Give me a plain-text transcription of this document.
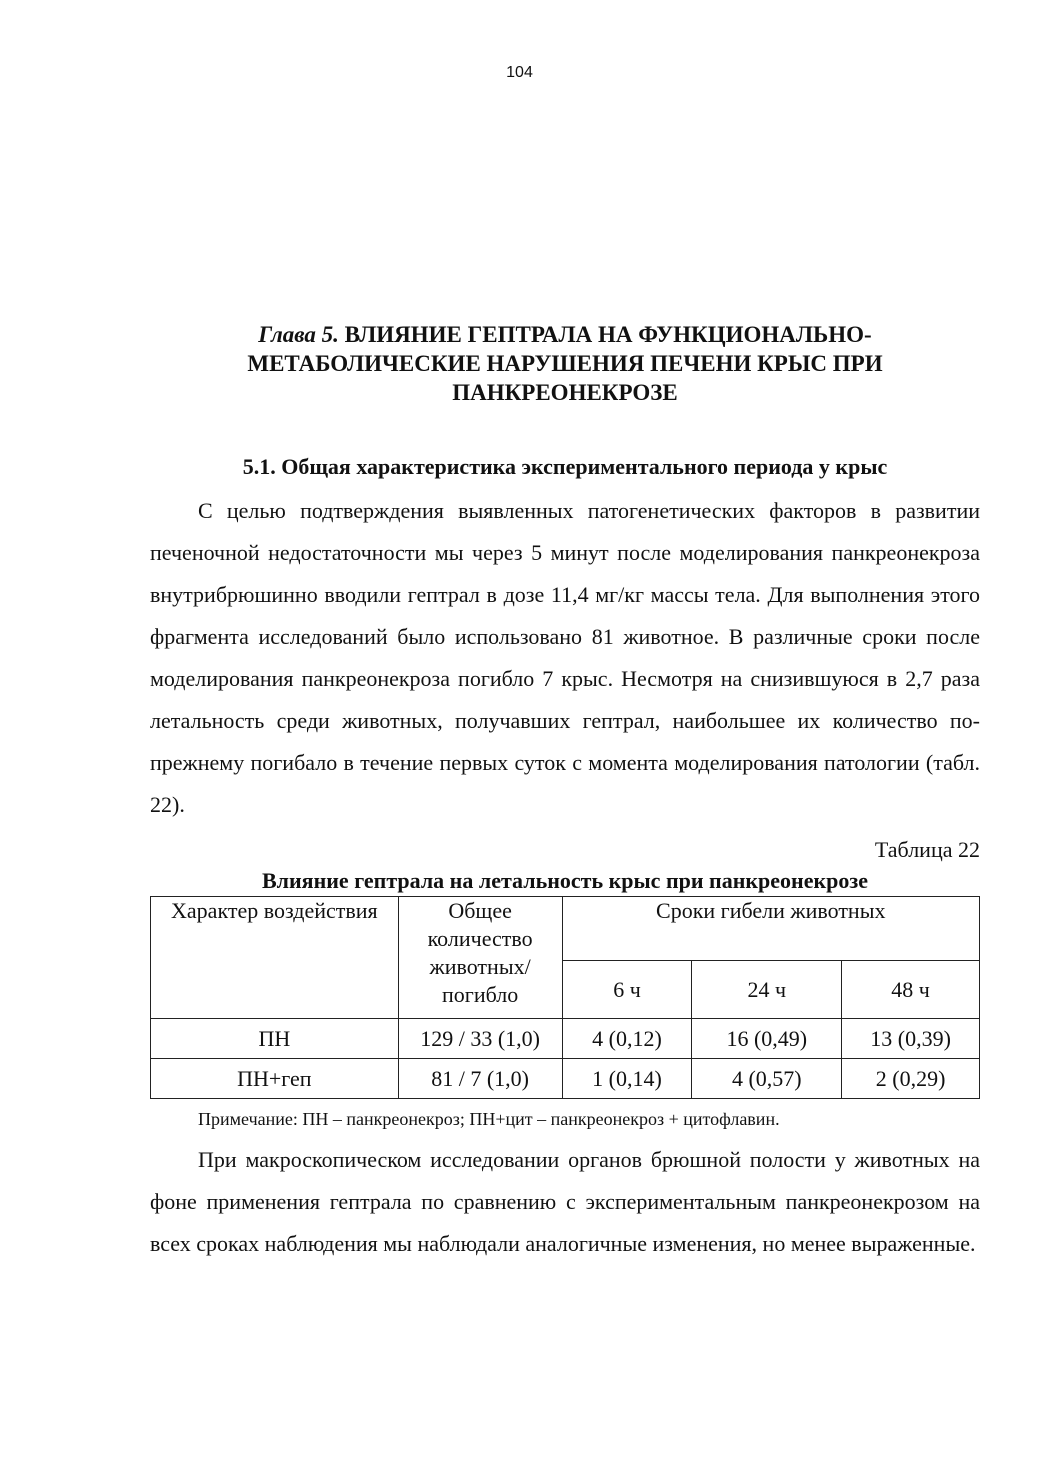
104
Глава 5. ВЛИЯНИЕ ГЕПТРАЛА НА ФУНКЦИОНАЛЬНО-
МЕТАБОЛИЧЕСКИЕ НАРУШЕНИЯ ПЕЧЕНИ КРЫС ПРИ
ПАНКРЕОНЕКРОЗЕ
5.1. Общая характеристика экспериментального периода у крыс

С целью подтверждения выявленных патогенетических факторов в развитии печеночной недостаточности мы через 5 минут после моделирования панкреонекроза внутрибрюшинно вводили гептрал в дозе 11,4 мг/кг массы тела. Для выполнения этого фрагмента исследований было использовано 81 животное. В различные сроки после моделирования панкреонекроза погибло 7 крыс. Несмотря на снизившуюся в 2,7 раза летальность среди животных, получавших гептрал, наибольшее их количество по-прежнему погибало в течение первых суток с момента моделирования патологии (табл. 22).

Таблица 22
Влияние гептрала на летальность крыс при панкреонекрозе
Характер воздействия	Общее
количество
животных/
погибло	Сроки гибели животных		
		6 ч	24 ч	48 ч
ПН	129 / 33 (1,0)	4 (0,12)	16 (0,49)	13 (0,39)
ПН+геп	81 / 7 (1,0)	1 (0,14)	4 (0,57)	2 (0,29)
Примечание: ПН – панкреонекроз; ПН+цит – панкреонекроз + цитофлавин.

При макроскопическом исследовании органов брюшной полости у животных на фоне применения гептрала по сравнению с экспериментальным панкреонекрозом на всех сроках наблюдения мы наблюдали аналогичные изменения, но менее выраженные.
